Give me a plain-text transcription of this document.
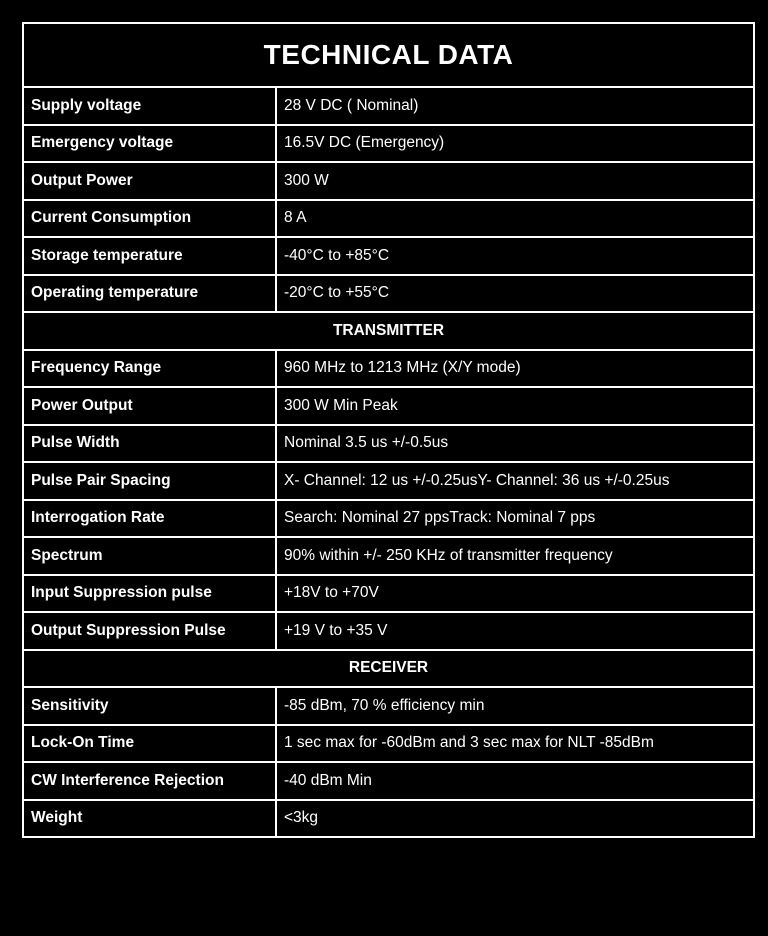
TECHNICAL DATA	
Supply voltage	28 V DC ( Nominal)
Emergency voltage	16.5V DC (Emergency)
Output Power	300 W
Current Consumption	8 A
Storage temperature	-40°C to +85°C
Operating temperature	-20°C to +55°C
TRANSMITTER	
Frequency Range	960 MHz to 1213 MHz (X/Y mode)
Power Output	300 W Min Peak
Pulse Width	Nominal 3.5 us +/-0.5us
Pulse Pair Spacing	X- Channel: 12 us +/-0.25usY- Channel: 36 us +/-0.25us
Interrogation Rate	Search: Nominal 27 ppsTrack: Nominal 7 pps
Spectrum	90% within +/- 250 KHz of transmitter frequency
Input Suppression pulse	+18V to +70V
Output Suppression Pulse	+19 V to +35 V
RECEIVER	
Sensitivity	-85 dBm, 70 % efficiency min
Lock-On Time	1 sec max for -60dBm and 3 sec max for NLT -85dBm
CW Interference Rejection	-40 dBm Min
Weight	<3kg
